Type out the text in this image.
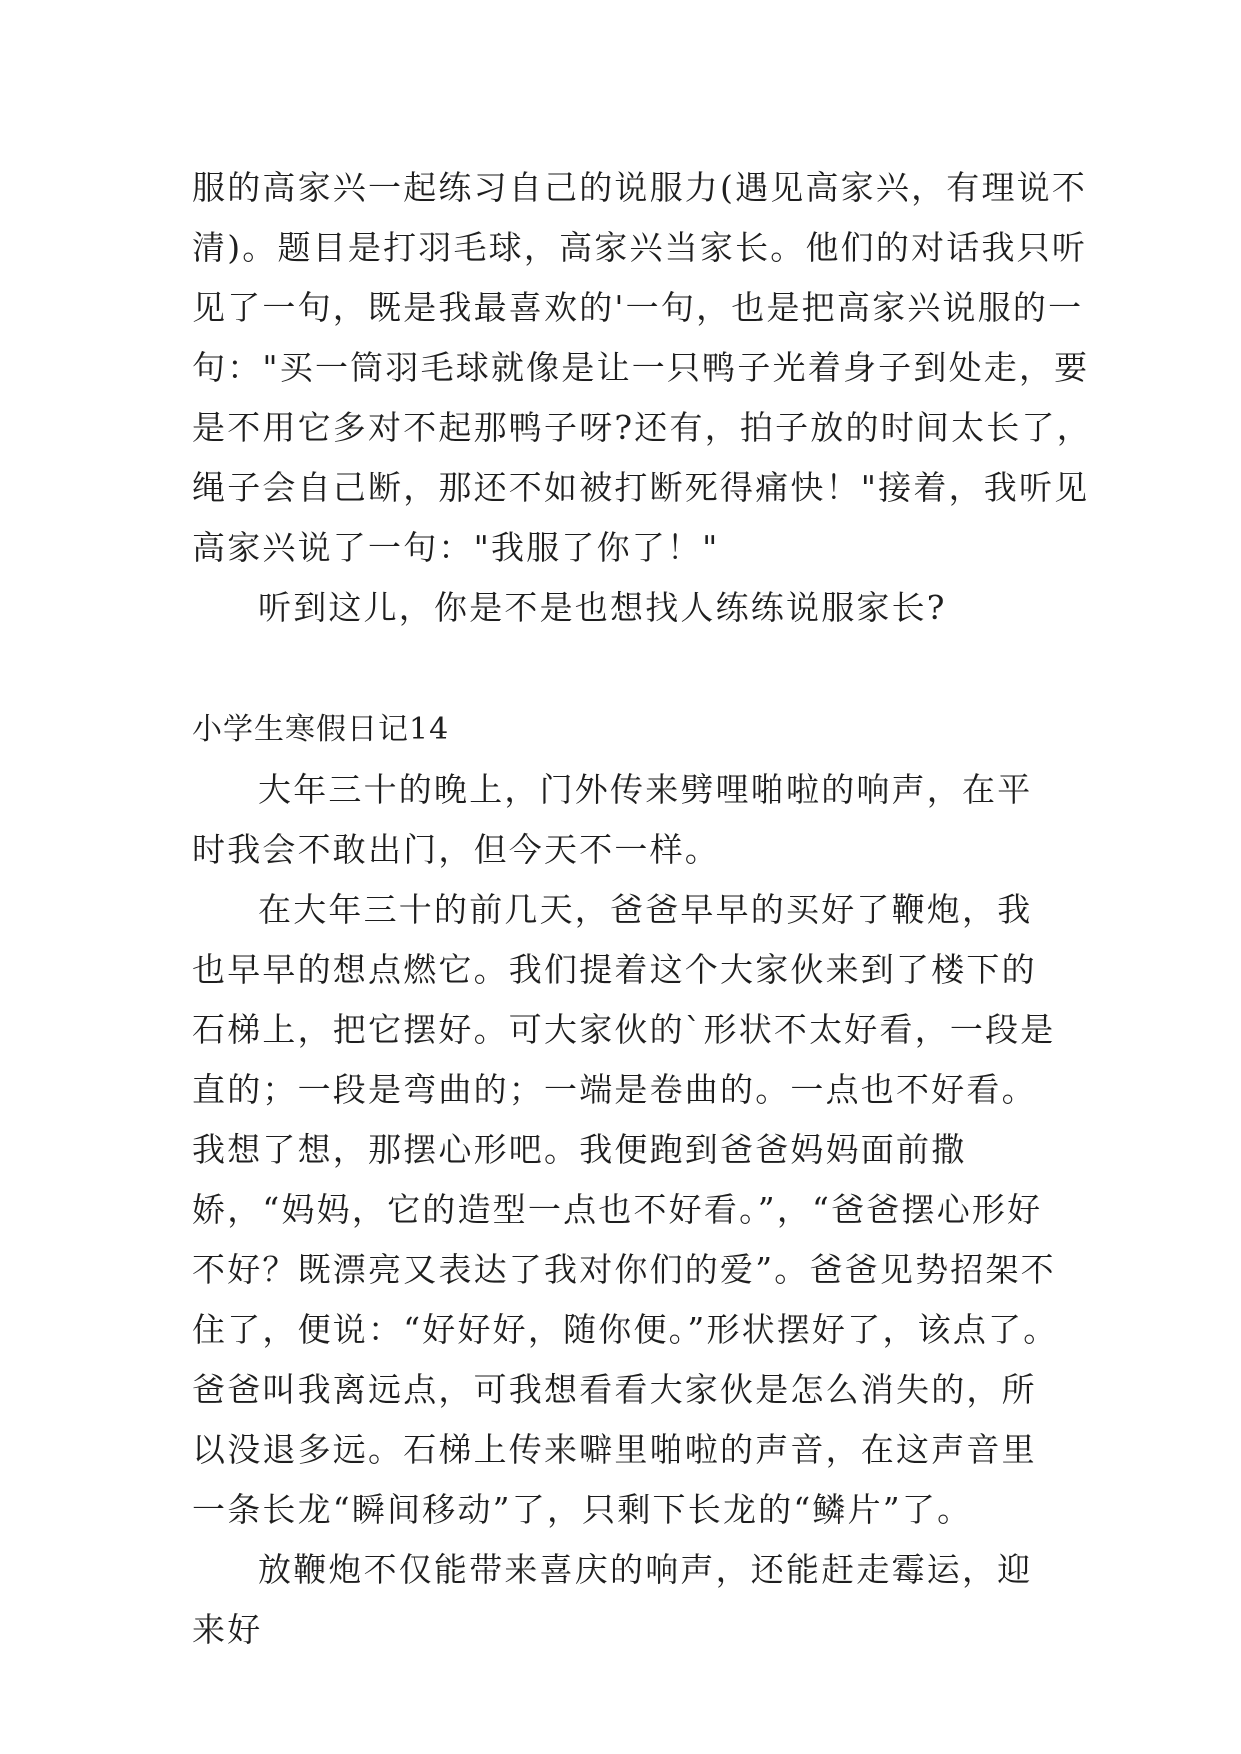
服的高家兴一起练习自己的说服力(遇见高家兴，有理说不

清)。题目是打羽毛球，高家兴当家长。他们的对话我只听

见了一句，既是我最喜欢的'一句，也是把高家兴说服的一

句："买一筒羽毛球就像是让一只鸭子光着身子到处走，要

是不用它多对不起那鸭子呀?还有，拍子放的时间太长了，

绳子会自己断，那还不如被打断死得痛快！"接着，我听见

高家兴说了一句："我服了你了！"

听到这儿，你是不是也想找人练练说服家长?

小学生寒假日记14

大年三十的晚上，门外传来劈哩啪啦的响声，在平时我会不敢出门，但今天不一样。

在大年三十的前几天，爸爸早早的买好了鞭炮，我也早早的想点燃它。我们提着这个大家伙来到了楼下的石梯上，把它摆好。可大家伙的`形状不太好看，一段是直的；一段是弯曲的；一端是卷曲的。一点也不好看。我想了想，那摆心形吧。我便跑到爸爸妈妈面前撒娇，“妈妈，它的造型一点也不好看。”，“爸爸摆心形好不好？既漂亮又表达了我对你们的爱”。爸爸见势招架不住了，便说：“好好好，随你便。”形状摆好了，该点了。爸爸叫我离远点，可我想看看大家伙是怎么消失的，所以没退多远。石梯上传来噼里啪啦的声音，在这声音里一条长龙“瞬间移动”了，只剩下长龙的“鳞片”了。

放鞭炮不仅能带来喜庆的响声，还能赶走霉运，迎来好
